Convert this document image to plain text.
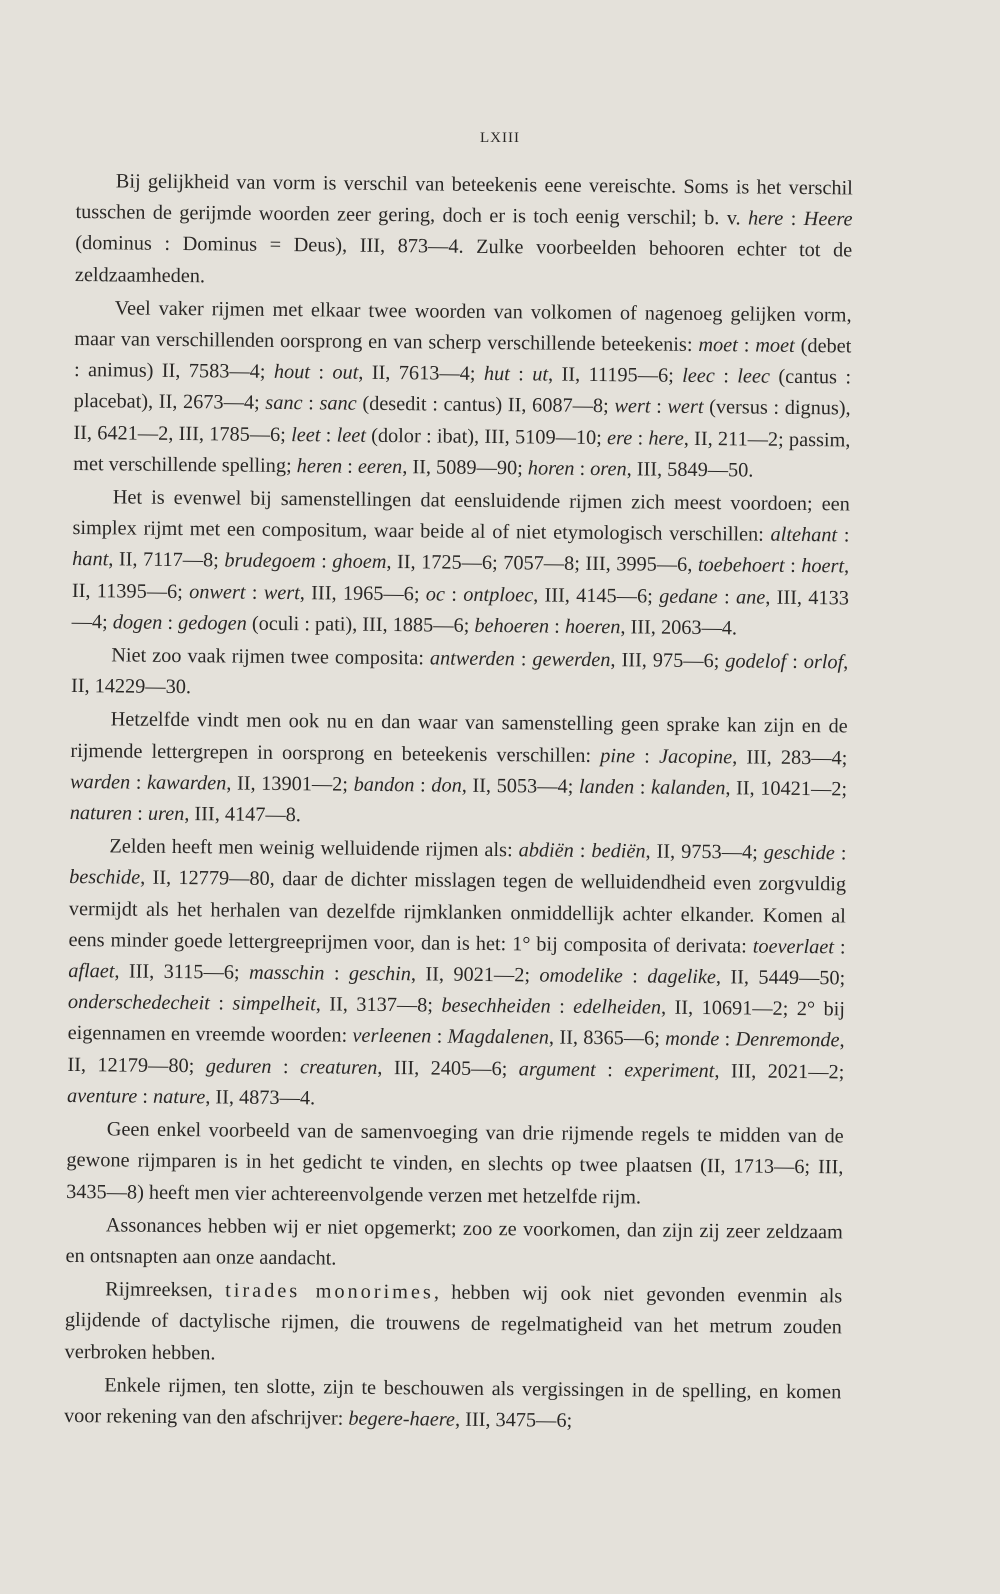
LXIII

Bij gelijkheid van vorm is verschil van beteekenis eene vereischte. Soms is het verschil tusschen de gerijmde woorden zeer gering, doch er is toch eenig verschil; b. v. here : Heere (dominus : Dominus = Deus), III, 873—4. Zulke voorbeelden behooren echter tot de zeldzaamheden.

Veel vaker rijmen met elkaar twee woorden van volkomen of nagenoeg gelijken vorm, maar van verschillenden oorsprong en van scherp verschillende beteekenis: moet : moet (debet : animus) II, 7583—4; hout : out, II, 7613—4; hut : ut, II, 11195—6; leec : leec (cantus : placebat), II, 2673—4; sanc : sanc (desedit : cantus) II, 6087—8; wert : wert (versus : dignus), II, 6421—2, III, 1785—6; leet : leet (dolor : ibat), III, 5109—10; ere : here, II, 211—2; passim, met verschillende spelling; heren : eeren, II, 5089—90; horen : oren, III, 5849—50.

Het is evenwel bij samenstellingen dat eensluidende rijmen zich meest voordoen; een simplex rijmt met een compositum, waar beide al of niet etymologisch verschillen: altehant : hant, II, 7117—8; brudegoem : ghoem, II, 1725—6; 7057—8; III, 3995—6, toebehoert : hoert, II, 11395—6; onwert : wert, III, 1965—6; oc : ontploec, III, 4145—6; gedane : ane, III, 4133—4; dogen : gedogen (oculi : pati), III, 1885—6; behoeren : hoeren, III, 2063—4.

Niet zoo vaak rijmen twee composita: antwerden : gewerden, III, 975—6; godelof : orlof, II, 14229—30.

Hetzelfde vindt men ook nu en dan waar van samenstelling geen sprake kan zijn en de rijmende lettergrepen in oorsprong en beteekenis verschillen: pine : Jacopine, III, 283—4; warden : kawarden, II, 13901—2; bandon : don, II, 5053—4; landen : kalanden, II, 10421—2; naturen : uren, III, 4147—8.

Zelden heeft men weinig welluidende rijmen als: abdiën : bediën, II, 9753—4; geschide : beschide, II, 12779—80, daar de dichter misslagen tegen de welluidendheid even zorgvuldig vermijdt als het herhalen van dezelfde rijmklanken onmiddellijk achter elkander. Komen al eens minder goede lettergreeprijmen voor, dan is het: 1° bij composita of derivata: toeverlaet : aflaet, III, 3115—6; masschin : geschin, II, 9021—2; omodelike : dagelike, II, 5449—50; onderschedecheit : simpelheit, II, 3137—8; besechheiden : edelheiden, II, 10691—2; 2° bij eigennamen en vreemde woorden: verleenen : Magdalenen, II, 8365—6; monde : Denremonde, II, 12179—80; geduren : creaturen, III, 2405—6; argument : experiment, III, 2021—2; aventure : nature, II, 4873—4.

Geen enkel voorbeeld van de samenvoeging van drie rijmende regels te midden van de gewone rijmparen is in het gedicht te vinden, en slechts op twee plaatsen (II, 1713—6; III, 3435—8) heeft men vier achtereenvolgende verzen met hetzelfde rijm.

Assonances hebben wij er niet opgemerkt; zoo ze voorkomen, dan zijn zij zeer zeldzaam en ontsnapten aan onze aandacht.

Rijmreeksen, tirades monorimes, hebben wij ook niet gevonden evenmin als glijdende of dactylische rijmen, die trouwens de regelmatigheid van het metrum zouden verbroken hebben.

Enkele rijmen, ten slotte, zijn te beschouwen als vergissingen in de spelling, en komen voor rekening van den afschrijver: begere-haere, III, 3475—6;
